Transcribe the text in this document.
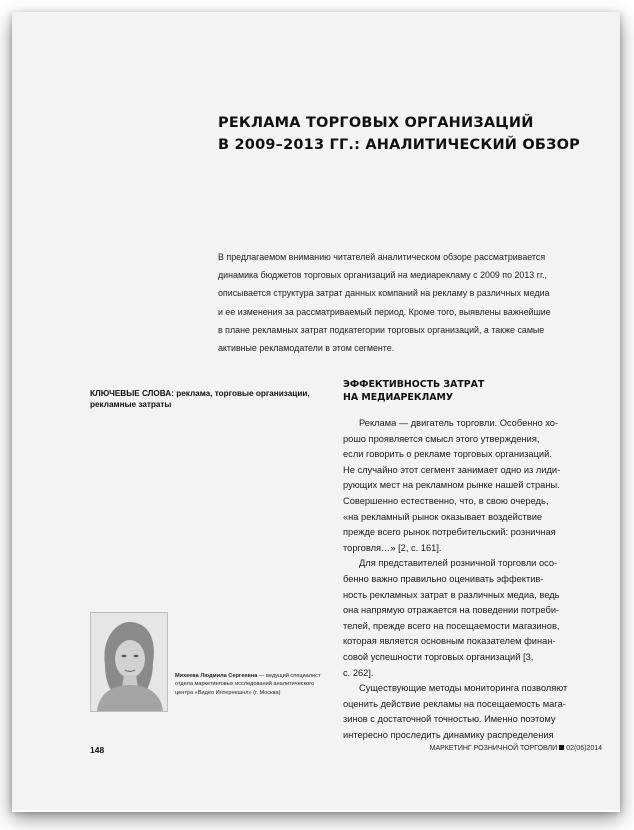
РЕКЛАМА ТОРГОВЫХ ОРГАНИЗАЦИЙ
В 2009–2013 ГГ.: АНАЛИТИЧЕСКИЙ ОБЗОР
В предлагаемом вниманию читателей аналитическом обзоре рассматривается
динамика бюджетов торговых организаций на медиарекламу с 2009 по 2013 гг.,
описывается структура затрат данных компаний на рекламу в различных медиа
и ее изменения за рассматриваемый период. Кроме того, выявлены важнейшие
в плане рекламных затрат подкатегории торговых организаций, а также самые
активные рекламодатели в этом сегменте.
КЛЮЧЕВЫЕ СЛОВА: реклама, торговые организации,
рекламные затраты
ЭФФЕКТИВНОСТЬ ЗАТРАТ
НА МЕДИАРЕКЛАМУ
Реклама — двигатель торговли. Особенно хо-
рошо проявляется смысл этого утверждения,
если говорить о рекламе торговых организаций.
Не случайно этот сегмент занимает одно из лиди-
рующих мест на рекламном рынке нашей страны.
Совершенно естественно, что, в свою очередь,
«на рекламный рынок оказывает воздействие
прежде всего рынок потребительский: розничная
торговля…» [2, с. 161].
Для представителей розничной торговли осо-
бенно важно правильно оценивать эффектив-
ность рекламных затрат в различных медиа, ведь
она напрямую отражается на поведении потреби-
телей, прежде всего на посещаемости магазинов,
которая является основным показателем финан-
совой успешности торговых организаций [3,
с. 262].
Существующие методы мониторинга позволяют
оценить действие рекламы на посещаемость мага-
зинов с достаточной точностью. Именно поэтому
интересно проследить динамику распределения
Михеева Людмила Сергеевна — ведущий специалист
отдела маркетинговых исследований аналитического
центра «Видео Интернешнл» (г. Москва)
148	МАРКЕТИНГ РОЗНИЧНОЙ ТОРГОВЛИ 02(06)2014
